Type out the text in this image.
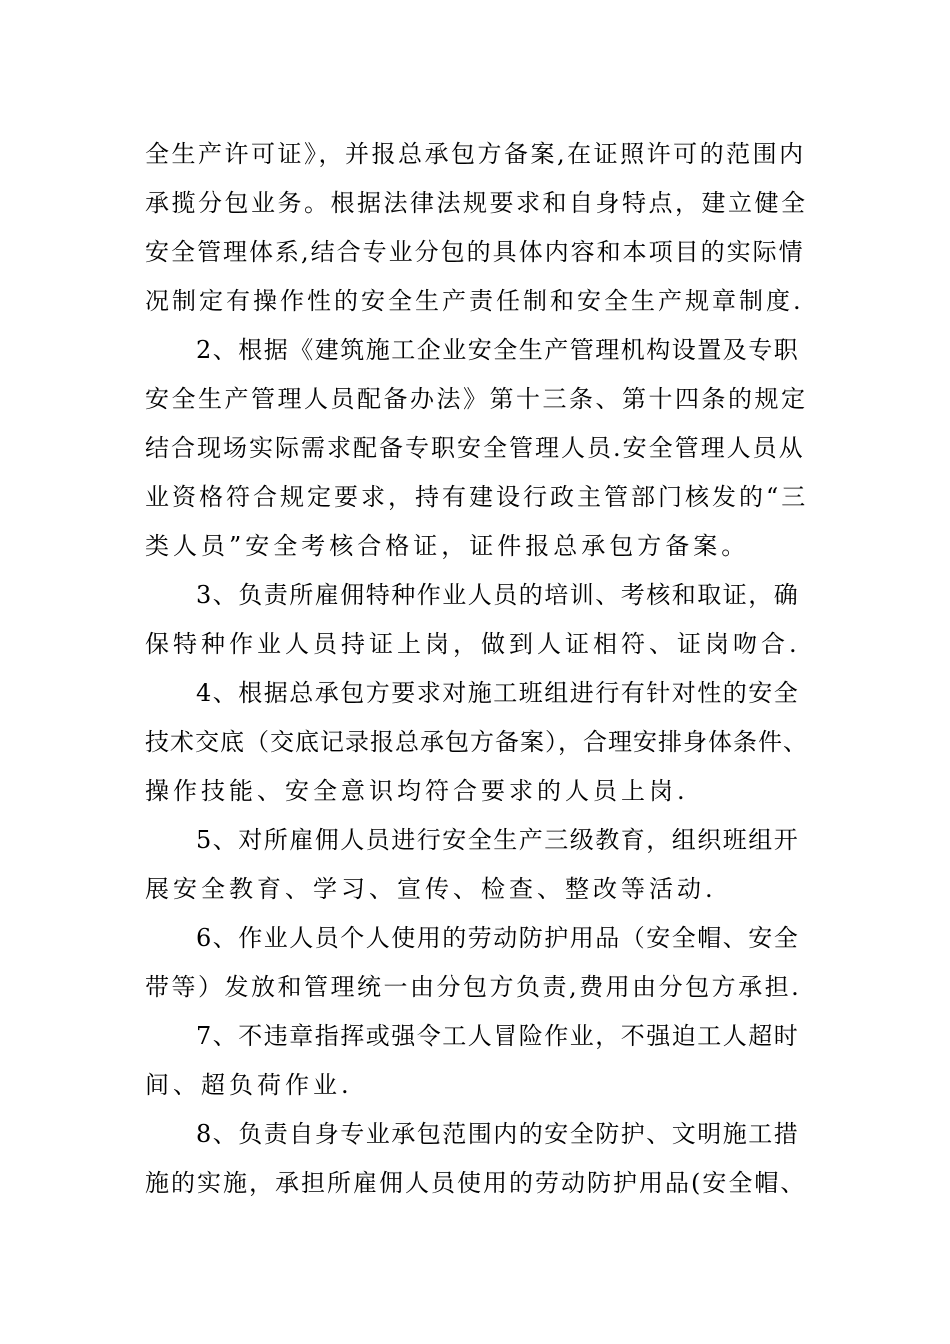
全生产许可证》，并报总承包方备案,在证照许可的范围内
承揽分包业务。根据法律法规要求和自身特点，建立健全
安全管理体系,结合专业分包的具体内容和本项目的实际情
况制定有操作性的安全生产责任制和安全生产规章制度.
　　2、根据《建筑施工企业安全生产管理机构设置及专职
安全生产管理人员配备办法》第十三条、第十四条的规定
结合现场实际需求配备专职安全管理人员.安全管理人员从
业资格符合规定要求，持有建设行政主管部门核发的“三
类人员”安全考核合格证，证件报总承包方备案。
　　3、负责所雇佣特种作业人员的培训、考核和取证，确
保特种作业人员持证上岗，做到人证相符、证岗吻合.
　　4、根据总承包方要求对施工班组进行有针对性的安全
技术交底（交底记录报总承包方备案），合理安排身体条件、
操作技能、安全意识均符合要求的人员上岗.
　　5、对所雇佣人员进行安全生产三级教育，组织班组开
展安全教育、学习、宣传、检查、整改等活动.
　　6、作业人员个人使用的劳动防护用品（安全帽、安全
带等）发放和管理统一由分包方负责,费用由分包方承担.
　　7、不违章指挥或强令工人冒险作业，不强迫工人超时
间、超负荷作业.
　　8、负责自身专业承包范围内的安全防护、文明施工措
施的实施，承担所雇佣人员使用的劳动防护用品(安全帽、
